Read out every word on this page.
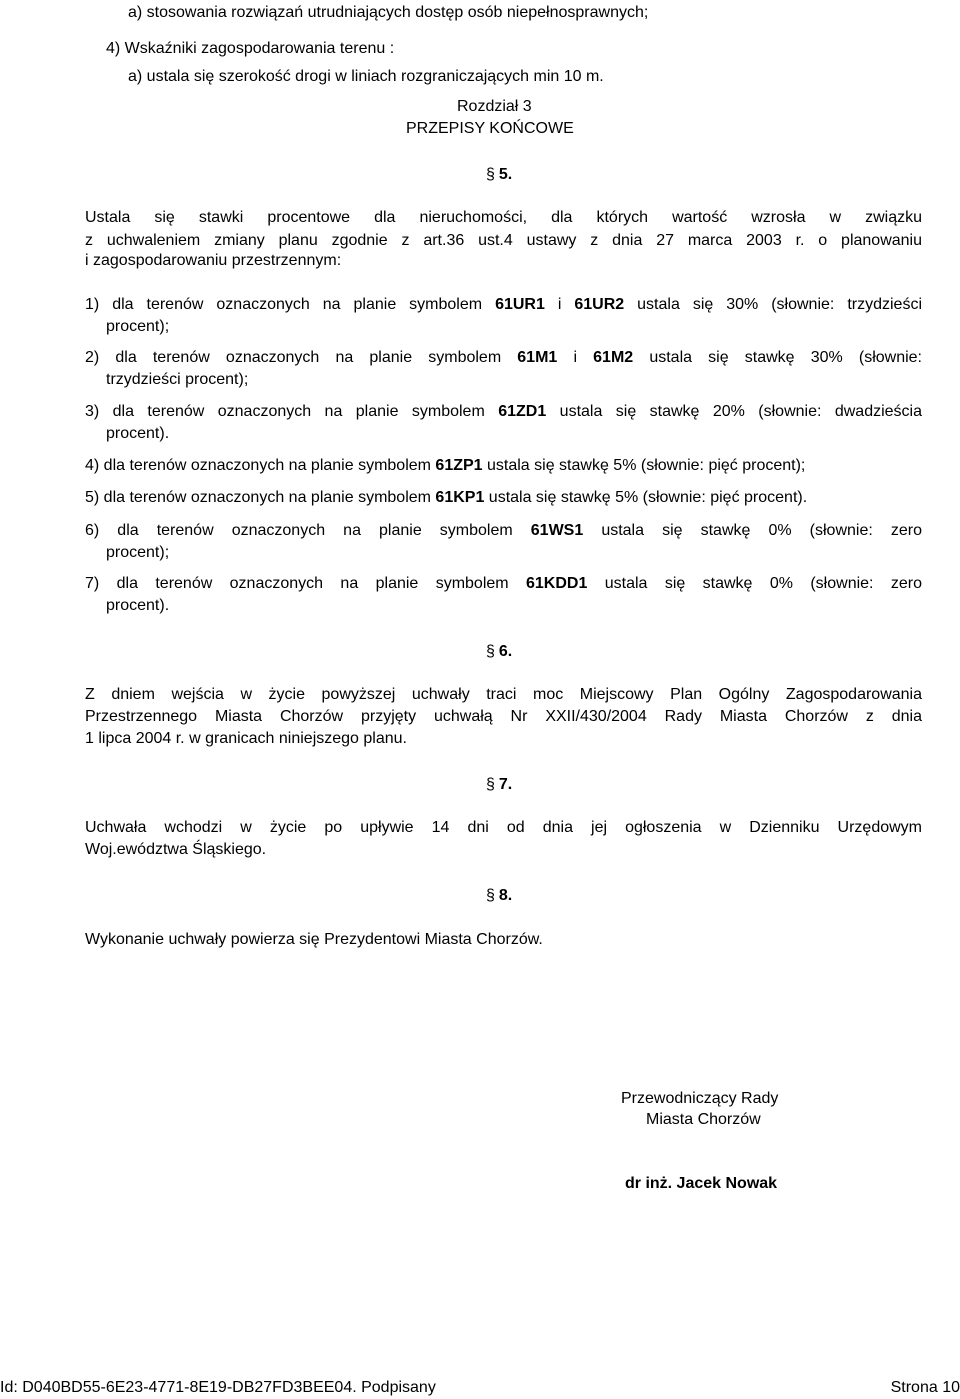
a) stosowania rozwiązań utrudniających dostęp osób niepełnosprawnych;
4) Wskaźniki zagospodarowania terenu :
a) ustala się szerokość drogi w liniach rozgraniczających min 10 m.
Rozdział 3
PRZEPISY KOŃCOWE
§ 5.
Ustala się stawki procentowe dla nieruchomości, dla których wartość wzrosła w związku
z uchwaleniem zmiany planu zgodnie z art.36 ust.4 ustawy z dnia 27 marca 2003 r. o planowaniu
i zagospodarowaniu przestrzennym:
1) dla terenów oznaczonych na planie symbolem 61UR1 i 61UR2 ustala się 30% (słownie: trzydzieści
procent);
2) dla terenów oznaczonych na planie symbolem 61M1 i 61M2 ustala się stawkę 30% (słownie:
trzydzieści procent);
3) dla terenów oznaczonych na planie symbolem 61ZD1 ustala się stawkę 20% (słownie: dwadzieścia
procent).
4) dla terenów oznaczonych na planie symbolem 61ZP1 ustala się stawkę 5% (słownie: pięć procent);
5) dla terenów oznaczonych na planie symbolem 61KP1 ustala się stawkę 5% (słownie: pięć procent).
6) dla terenów oznaczonych na planie symbolem 61WS1 ustala się stawkę 0% (słownie: zero
procent);
7) dla terenów oznaczonych na planie symbolem 61KDD1 ustala się stawkę 0% (słownie: zero
procent).
§ 6.
Z dniem wejścia w życie powyższej uchwały traci moc Miejscowy Plan Ogólny Zagospodarowania
Przestrzennego Miasta Chorzów przyjęty uchwałą Nr XXII/430/2004 Rady Miasta Chorzów z dnia
1 lipca 2004 r. w granicach niniejszego planu.
§ 7.
Uchwała wchodzi w życie po upływie 14 dni od dnia jej ogłoszenia w Dzienniku Urzędowym
Woj.ewództwa Śląskiego.
§ 8.
Wykonanie uchwały powierza się Prezydentowi Miasta Chorzów.
Przewodniczący Rady
Miasta Chorzów
dr inż. Jacek Nowak
Id: D040BD55-6E23-4771-8E19-DB27FD3BEE04. Podpisany	Strona 10
